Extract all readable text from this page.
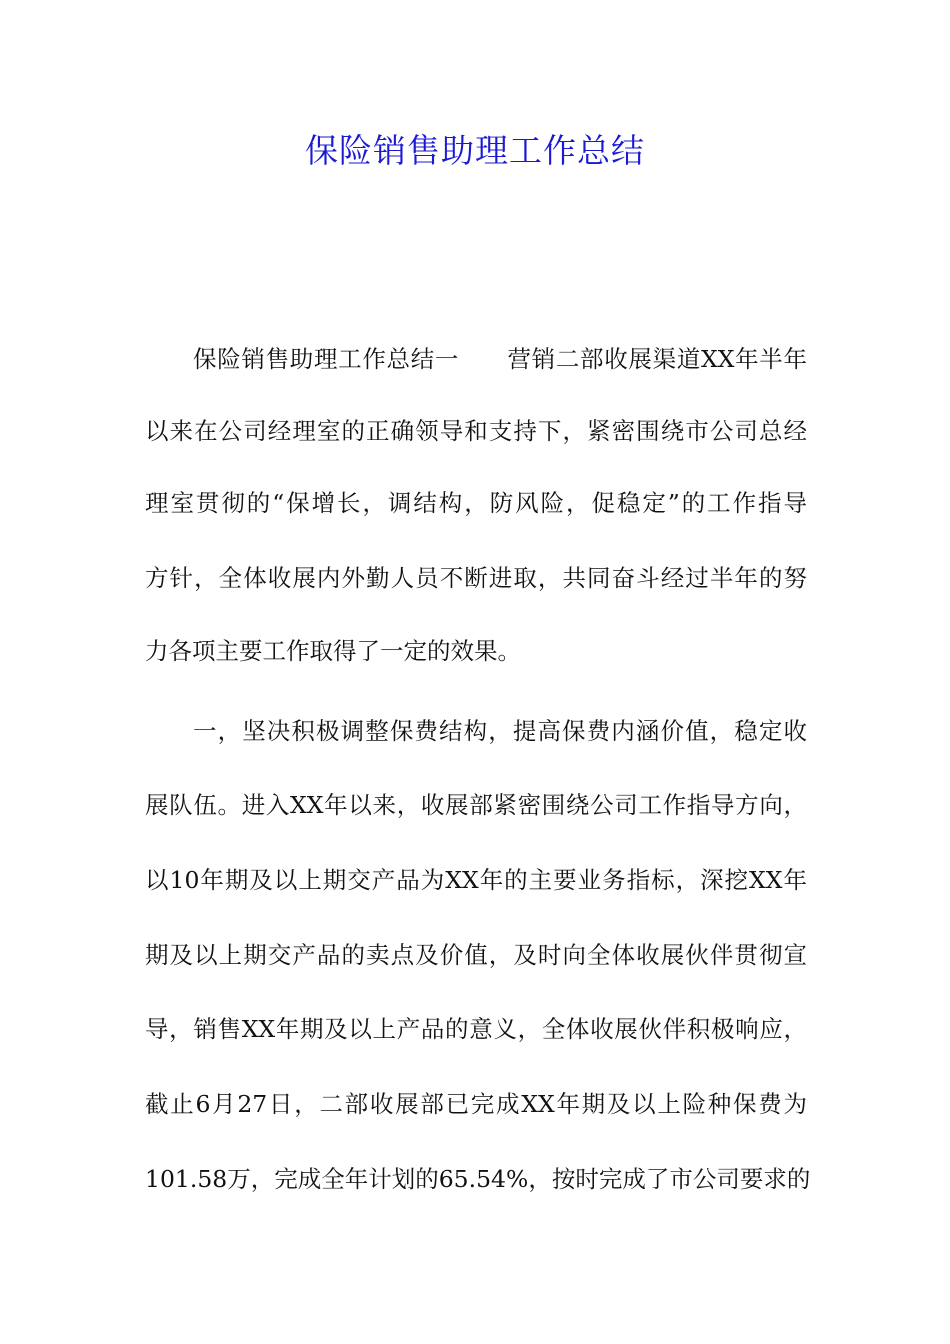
保险销售助理工作总结
保险销售助理工作总结一　　营销二部收展渠道XX年半年
以来在公司经理室的正确领导和支持下，紧密围绕市公司总经
理室贯彻的“保增长，调结构，防风险，促稳定”的工作指导
方针，全体收展内外勤人员不断进取，共同奋斗经过半年的努
力各项主要工作取得了一定的效果。
一，坚决积极调整保费结构，提高保费内涵价值，稳定收
展队伍。进入XX年以来，收展部紧密围绕公司工作指导方向，
以10年期及以上期交产品为XX年的主要业务指标，深挖XX年
期及以上期交产品的卖点及价值，及时向全体收展伙伴贯彻宣
导，销售XX年期及以上产品的意义，全体收展伙伴积极响应，
截止6月27日，二部收展部已完成XX年期及以上险种保费为
101.58万，完成全年计划的65.54%，按时完成了市公司要求的
